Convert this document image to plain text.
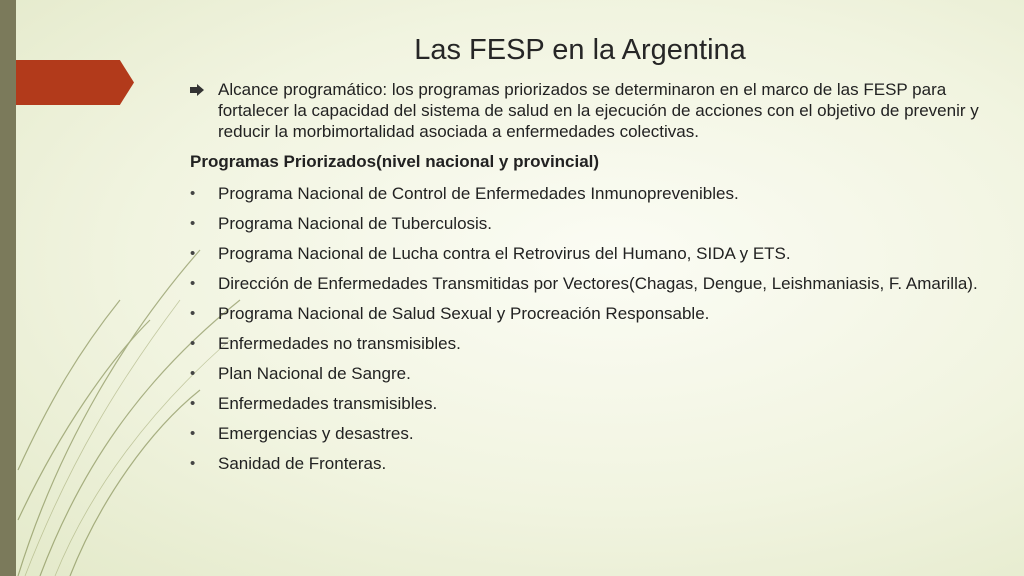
Las FESP en la Argentina

Alcance programático: los programas priorizados se determinaron en el marco de las FESP para fortalecer la capacidad del sistema de salud en la ejecución de acciones con el objetivo de prevenir y reducir la morbimortalidad asociada a enfermedades colectivas.

Programas Priorizados(nivel nacional y provincial)

• Programa Nacional de Control de Enfermedades Inmunoprevenibles.
• Programa Nacional de Tuberculosis.
• Programa Nacional de Lucha contra el Retrovirus del Humano, SIDA y ETS.
• Dirección de Enfermedades Transmitidas por Vectores(Chagas, Dengue, Leishmaniasis, F. Amarilla).
• Programa Nacional de Salud Sexual y Procreación Responsable.
• Enfermedades no transmisibles.
• Plan Nacional de Sangre.
• Enfermedades transmisibles.
• Emergencias y desastres.
• Sanidad de Fronteras.
